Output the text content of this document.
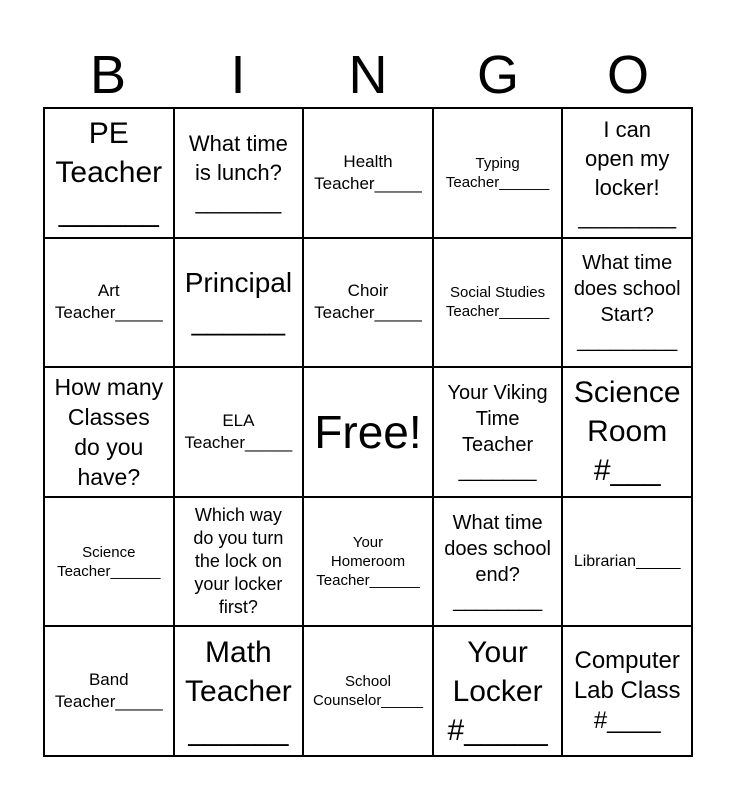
B	I	N	G	O
PE
Teacher
______
What time
is lunch?
_______
Health
Teacher_____
Typing
Teacher______
I can
open my
locker!
________
Art
Teacher_____
Principal
______
Choir
Teacher_____
Social Studies
Teacher______
What time
does school
Start?
_________
How many
Classes
do you
have?
ELA
Teacher_____ Free!
Your Viking
Time
Teacher
_______
Science
Room
#___
Science
Teacher______
Which way
do you turn
the lock on
your locker
first?
Your
Homeroom
Teacher______
What time
does school
end?
________
Librarian_____
Band
Teacher_____
Math
Teacher
______
School
Counselor_____
Your
Locker
#_____
Computer
Lab Class
#____
